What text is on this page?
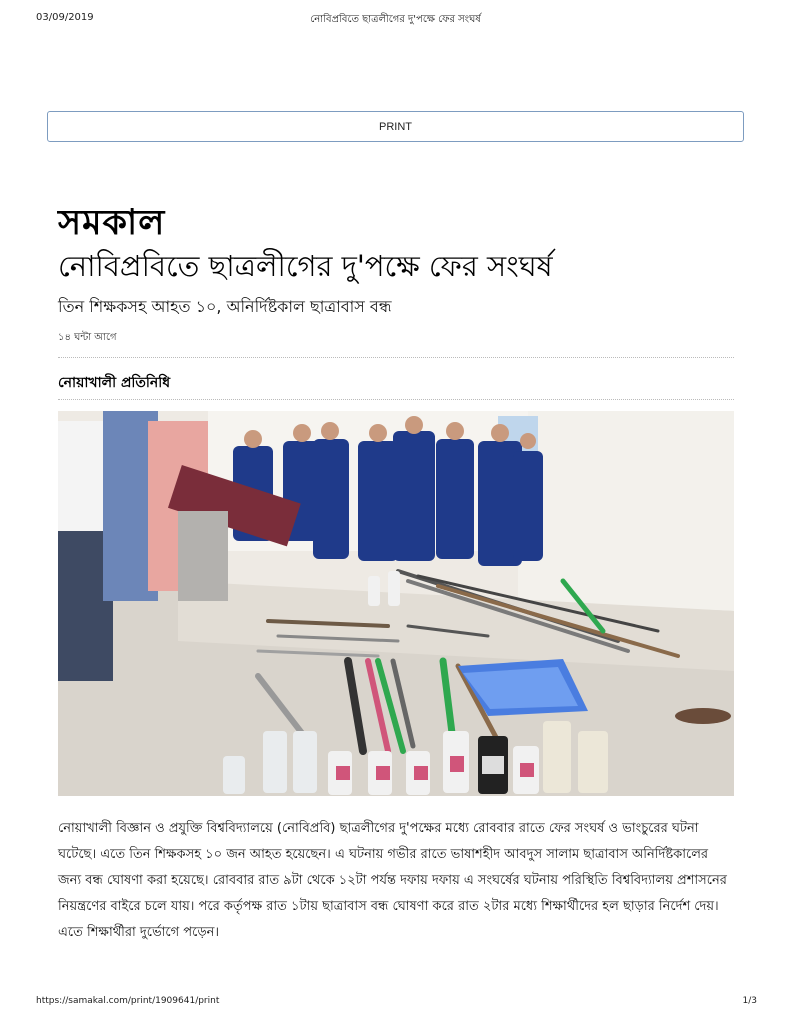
03/09/2019	নোবিপ্রবিতে ছাত্রলীগের দু'পক্ষে ফের সংঘর্ষ
PRINT
সমকাল
নোবিপ্রবিতে ছাত্রলীগের দু'পক্ষে ফের সংঘর্ষ
তিন শিক্ষকসহ আহত ১০, অনির্দিষ্টকাল ছাত্রাবাস বন্ধ
১৪ ঘন্টা আগে
নোয়াখালী প্রতিনিধি

নোয়াখালী বিজ্ঞান ও প্রযুক্তি বিশ্ববিদ্যালয়ে (নোবিপ্রবি) ছাত্রলীগের দু'পক্ষের মধ্যে রোববার রাতে ফের সংঘর্ষ ও ভাংচুরের ঘটনা ঘটেছে। এতে তিন শিক্ষকসহ ১০ জন আহত হয়েছেন। এ ঘটনায় গভীর রাতে ভাষাশহীদ আবদুস সালাম ছাত্রাবাস অনির্দিষ্টকালের জন্য বন্ধ ঘোষণা করা হয়েছে। রোববার রাত ৯টা থেকে ১২টা পর্যন্ত দফায় দফায় এ সংঘর্ষের ঘটনায় পরিস্থিতি বিশ্ববিদ্যালয় প্রশাসনের নিয়ন্ত্রণের বাইরে চলে যায়। পরে কর্তৃপক্ষ রাত ১টায় ছাত্রাবাস বন্ধ ঘোষণা করে রাত ২টার মধ্যে শিক্ষার্থীদের হল ছাড়ার নির্দেশ দেয়। এতে শিক্ষার্থীরা দুর্ভোগে পড়েন।

https://samakal.com/print/1909641/print	1/3
